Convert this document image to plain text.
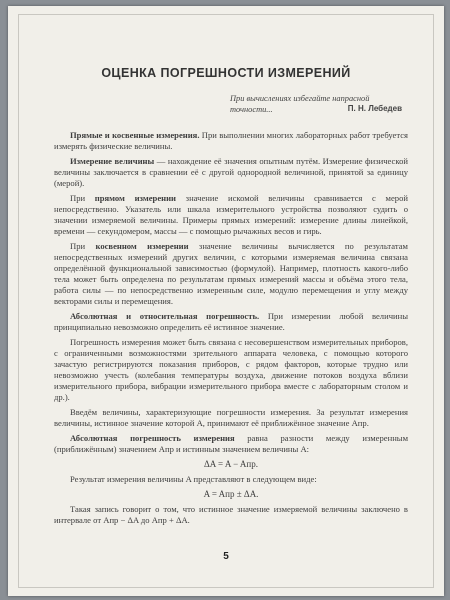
ОЦЕНКА ПОГРЕШНОСТИ ИЗМЕРЕНИЙ
При вычислениях избегайте напрасной точности...	П. Н. Лебедев

Прямые и косвенные измерения. При выполнении многих лабораторных работ требуется измерять физические величины.

Измерение величины — нахождение её значения опытным путём. Измерение физической величины заключается в сравнении её с другой однородной величиной, принятой за единицу (мерой).

При прямом измерении значение искомой величины сравнивается с мерой непосредственно. Указатель или шкала измерительного устройства позволяют судить о значении измеряемой величины. Примеры прямых измерений: измерение длины линейкой, времени — секундомером, массы — с помощью рычажных весов и гирь.

При косвенном измерении значение величины вычисляется по результатам непосредственных измерений других величин, с которыми измеряемая величина связана определённой функциональной зависимостью (формулой). Например, плотность какого-либо тела может быть определена по результатам прямых измерений массы и объёма этого тела, работа силы — по непосредственно измеренным силе, модулю перемещения и углу между векторами силы и перемещения.

Абсолютная и относительная погрешность. При измерении любой величины принципиально невозможно определить её истинное значение.

Погрешность измерения может быть связана с несовершенством измерительных приборов, с ограниченными возможностями зрительного аппарата человека, с помощью которого зачастую регистрируются показания приборов, с рядом факторов, которые трудно или невозможно учесть (колебания температуры воздуха, движение потоков воздуха вблизи измерительного прибора, вибрации измерительного прибора вместе с лабораторным столом и др.).

Введём величины, характеризующие погрешности измерения. За результат измерения величины, истинное значение которой A, принимают её приближённое значение Aпр.

Абсолютная погрешность измерения равна разности между измеренным (приближённым) значением Aпр и истинным значением величины A:

ΔA = A − Aпр.

Результат измерения величины A представляют в следующем виде:

A = Aпр ± ΔA.

Такая запись говорит о том, что истинное значение измеряемой величины заключено в интервале от Aпр − ΔA до Aпр + ΔA.

5
